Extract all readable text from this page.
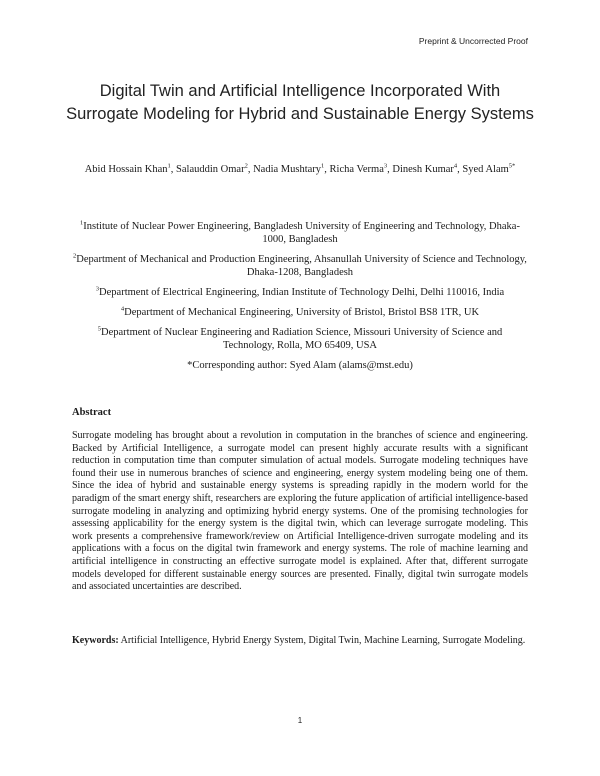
Preprint & Uncorrected Proof
Digital Twin and Artificial Intelligence Incorporated With
Surrogate Modeling for Hybrid and Sustainable Energy Systems
Abid Hossain Khan$^1$, Salauddin Omar$^2$, Nadia Mushtary$^1$, Richa Verma$^3$, Dinesh Kumar$^4$, Syed Alam$^{5*}$

$^1$Institute of Nuclear Power Engineering, Bangladesh University of Engineering and Technology, Dhaka-1000, Bangladesh

$^2$Department of Mechanical and Production Engineering, Ahsanullah University of Science and Technology, Dhaka-1208, Bangladesh

$^3$Department of Electrical Engineering, Indian Institute of Technology Delhi, Delhi 110016, India

$^4$Department of Mechanical Engineering, University of Bristol, Bristol BS8 1TR, UK

$^5$Department of Nuclear Engineering and Radiation Science, Missouri University of Science and Technology, Rolla, MO 65409, USA

*Corresponding author: Syed Alam (alams@mst.edu)

Abstract

Surrogate modeling has brought about a revolution in computation in the branches of science and engineering. Backed by Artificial Intelligence, a surrogate model can present highly accurate results with a significant reduction in computation time than computer simulation of actual models. Surrogate modeling techniques have found their use in numerous branches of science and engineering, energy system modeling being one of them. Since the idea of hybrid and sustainable energy systems is spreading rapidly in the modern world for the paradigm of the smart energy shift, researchers are exploring the future application of artificial intelligence-based surrogate modeling in analyzing and optimizing hybrid energy systems. One of the promising technologies for assessing applicability for the energy system is the digital twin, which can leverage surrogate modeling. This work presents a comprehensive framework/review on Artificial Intelligence-driven surrogate modeling and its applications with a focus on the digital twin framework and energy systems. The role of machine learning and artificial intelligence in constructing an effective surrogate model is explained. After that, different surrogate models developed for different sustainable energy sources are presented. Finally, digital twin surrogate models and associated uncertainties are described.

Keywords: Artificial Intelligence, Hybrid Energy System, Digital Twin, Machine Learning, Surrogate Modeling.

1
